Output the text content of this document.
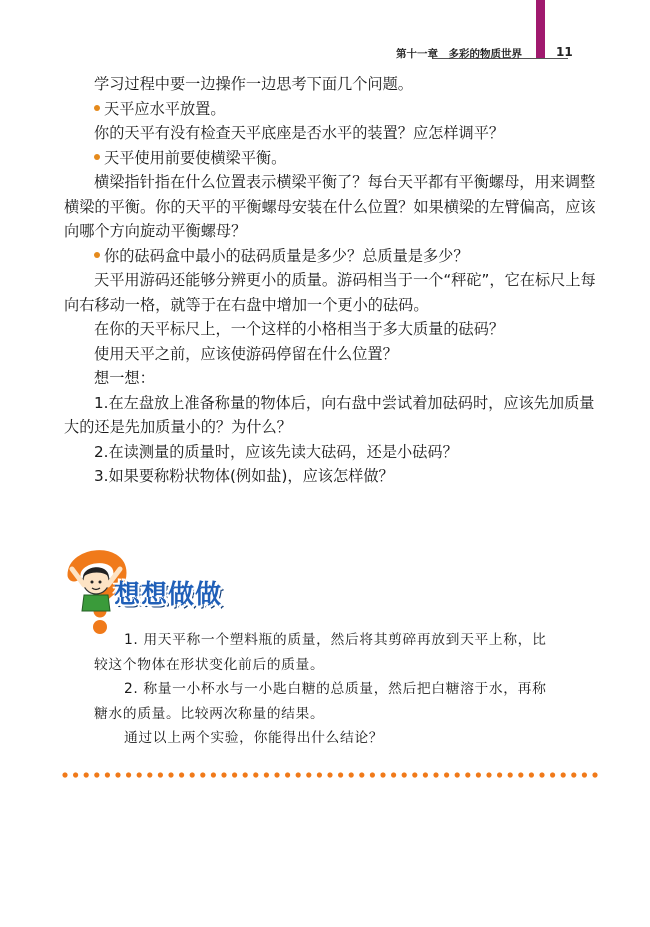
第十一章　多彩的物质世界	11

学习过程中要一边操作一边思考下面几个问题。

天平应水平放置。

你的天平有没有检查天平底座是否水平的装置？应怎样调平？

天平使用前要使横梁平衡。

横梁指针指在什么位置表示横梁平衡了？每台天平都有平衡螺母，用来调整

横梁的平衡。你的天平的平衡螺母安装在什么位置？如果横梁的左臂偏高，应该

向哪个方向旋动平衡螺母？

你的砝码盒中最小的砝码质量是多少？总质量是多少？

天平用游码还能够分辨更小的质量。游码相当于一个“秤砣”，它在标尺上每

向右移动一格，就等于在右盘中增加一个更小的砝码。

在你的天平标尺上，一个这样的小格相当于多大质量的砝码？

使用天平之前，应该使游码停留在什么位置？

想一想：

1.在左盘放上准备称量的物体后，向右盘中尝试着加砝码时，应该先加质量

大的还是先加质量小的？为什么？

2.在读测量的质量时，应该先读大砝码，还是小砝码？

3.如果要称粉状物体(例如盐)，应该怎样做？

想想做做

1. 用天平称一个塑料瓶的质量，然后将其剪碎再放到天平上称，比

较这个物体在形状变化前后的质量。

2. 称量一小杯水与一小匙白糖的总质量，然后把白糖溶于水，再称

糖水的质量。比较两次称量的结果。

通过以上两个实验，你能得出什么结论？
